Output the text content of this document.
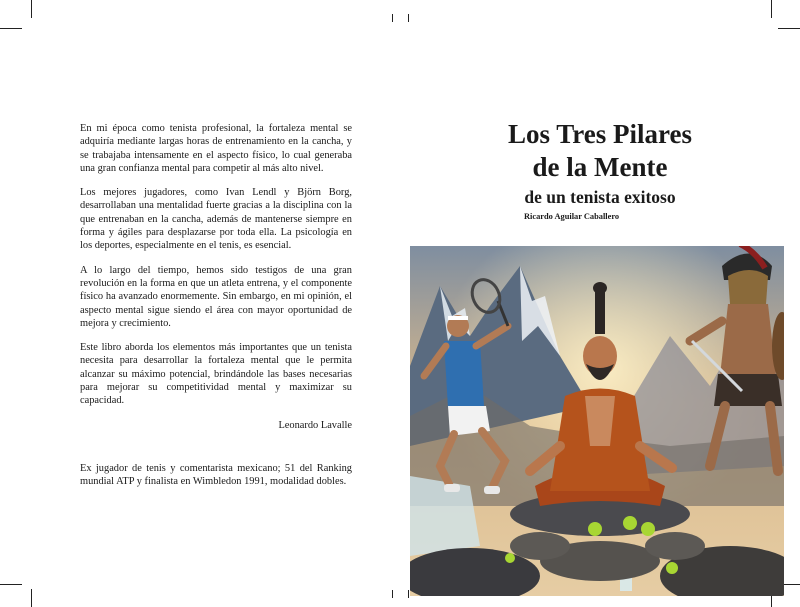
En mi época como tenista profesional, la fortaleza mental se adquiría mediante largas horas de entrenamiento en la cancha, y se trabajaba intensamente en el aspecto físico, lo cual generaba una gran confianza mental para competir al más alto nivel.

Los mejores jugadores, como Ivan Lendl y Björn Borg, desarrollaban una mentalidad fuerte gracias a la disciplina con la que entrenaban en la cancha, además de mantenerse siempre en forma y ágiles para desplazarse por toda ella. La psicología en los deportes, especialmente en el tenis, es esencial.

A lo largo del tiempo, hemos sido testigos de una gran revolución en la forma en que un atleta entrena, y el componente físico ha avanzado enormemente. Sin embargo, en mi opinión, el aspecto mental sigue siendo el área con mayor oportunidad de mejora y crecimiento.

Este libro aborda los elementos más importantes que un tenista necesita para desarrollar la fortaleza mental que le permita alcanzar su máximo potencial, brindándole las bases necesarias para mejorar su competitividad mental y maximizar su capacidad.

Leonardo Lavalle

Ex jugador de tenis y comentarista mexicano; 51 del Ranking mundial ATP y finalista en Wimbledon 1991, modalidad dobles.

Los Tres Pilares
de la Mente
de un tenista exitoso
Ricardo Aguilar Caballero
